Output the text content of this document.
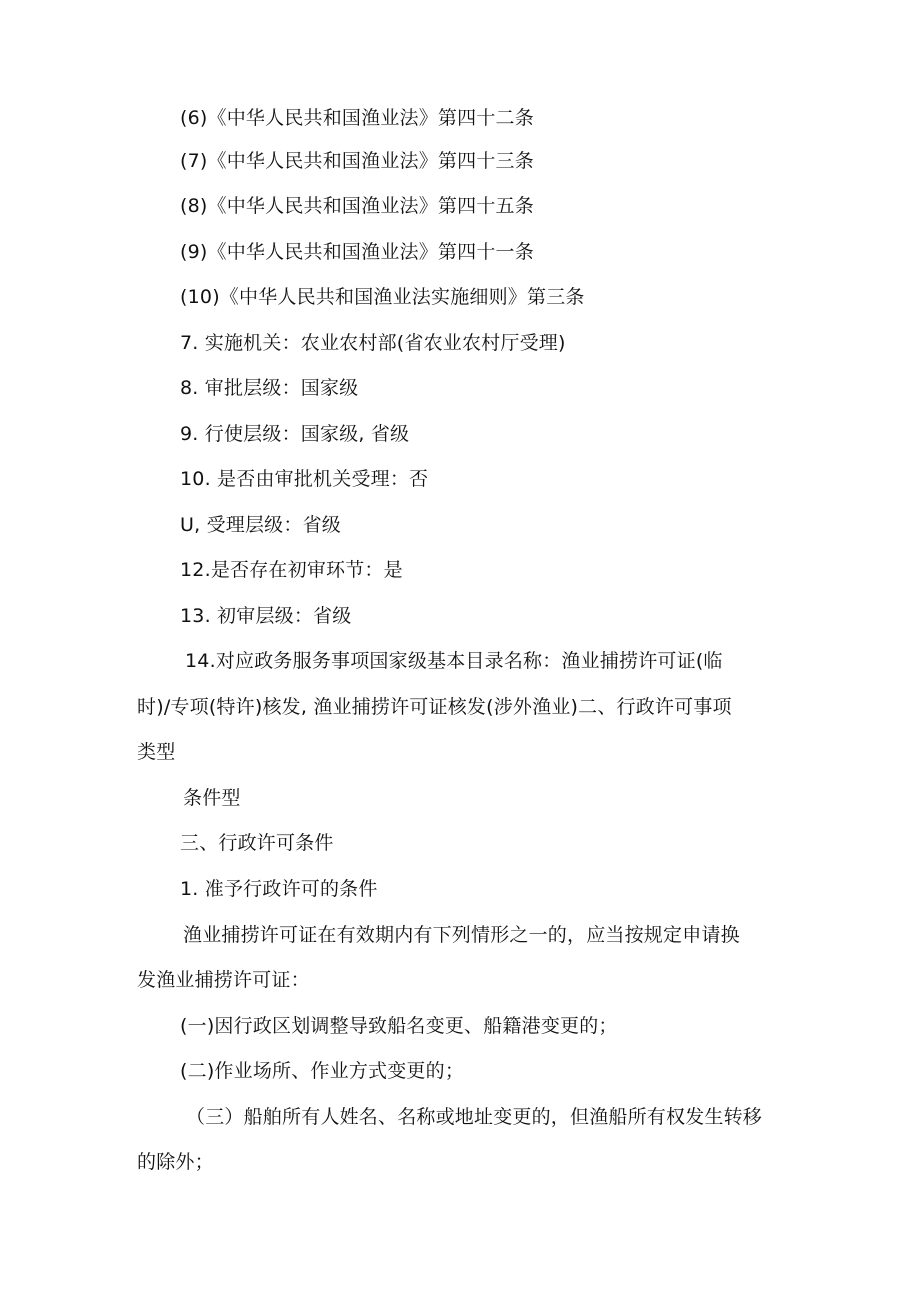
(6)《中华人民共和国渔业法》第四十二条
(7)《中华人民共和国渔业法》第四十三条
(8)《中华人民共和国渔业法》第四十五条
(9)《中华人民共和国渔业法》第四十一条
(10)《中华人民共和国渔业法实施细则》第三条
7. 实施机关：农业农村部(省农业农村厅受理)
8. 审批层级：国家级
9. 行使层级：国家级, 省级
10. 是否由审批机关受理：否
U, 受理层级：省级
12.是否存在初审环节：是
13. 初审层级：省级
14.对应政务服务事项国家级基本目录名称：渔业捕捞许可证(临
时)/专项(特许)核发, 渔业捕捞许可证核发(涉外渔业)二、行政许可事项
类型
条件型
三、行政许可条件
1. 准予行政许可的条件
渔业捕捞许可证在有效期内有下列情形之一的，应当按规定申请换
发渔业捕捞许可证：
(一)因行政区划调整导致船名变更、船籍港变更的；
(二)作业场所、作业方式变更的；
（三）船舶所有人姓名、名称或地址变更的，但渔船所有权发生转移
的除外；
